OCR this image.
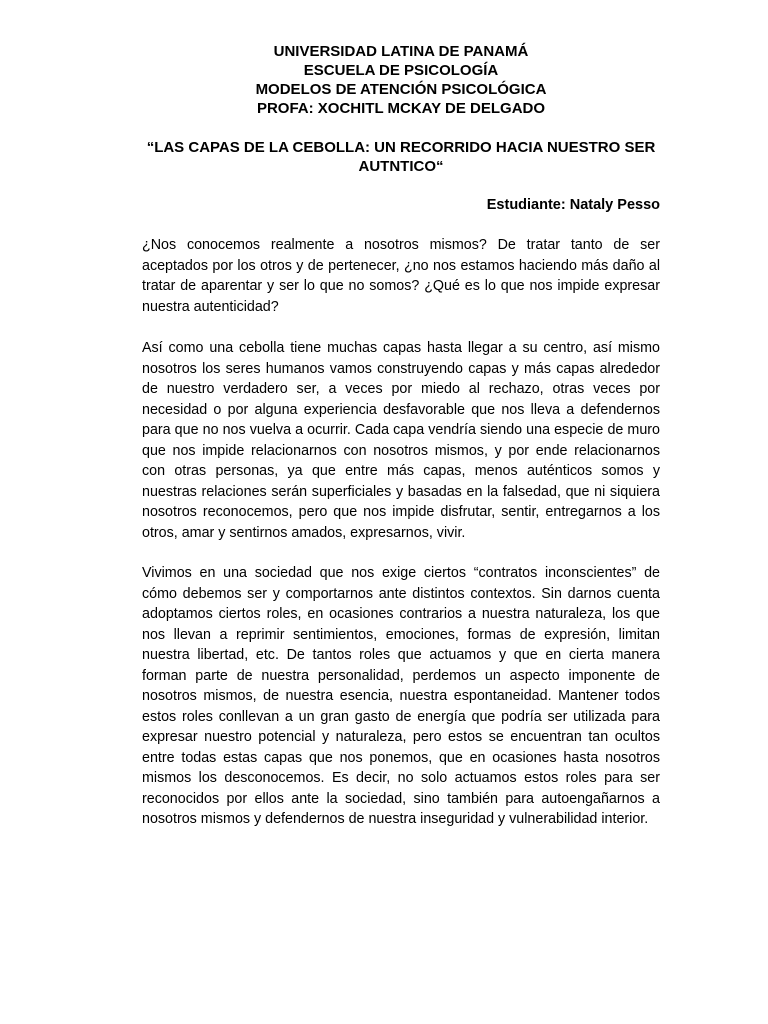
UNIVERSIDAD LATINA DE PANAMÁ
ESCUELA DE PSICOLOGÍA
MODELOS DE ATENCIÓN PSICOLÓGICA
PROFA: XOCHITL MCKAY DE DELGADO
“LAS CAPAS DE LA CEBOLLA: UN RECORRIDO HACIA NUESTRO SER AUTNTICO“
Estudiante: Nataly Pesso

¿Nos conocemos realmente a nosotros mismos? De tratar tanto de ser aceptados por los otros y de pertenecer, ¿no nos estamos haciendo más daño al tratar de aparentar y ser lo que no somos? ¿Qué es lo que nos impide expresar nuestra autenticidad?

Así como una cebolla tiene muchas capas hasta llegar a su centro, así mismo nosotros los seres humanos vamos construyendo capas y más capas alrededor de nuestro verdadero ser, a veces por miedo al rechazo, otras veces por necesidad o por alguna experiencia desfavorable que nos lleva a defendernos para que no nos vuelva a ocurrir. Cada capa vendría siendo una especie de muro que nos impide relacionarnos con nosotros mismos, y por ende relacionarnos con otras personas, ya que entre más capas, menos auténticos somos y nuestras relaciones serán superficiales y basadas en la falsedad, que ni siquiera nosotros reconocemos, pero que nos impide disfrutar, sentir, entregarnos a los otros, amar y sentirnos amados, expresarnos, vivir.

Vivimos en una sociedad que nos exige ciertos “contratos inconscientes” de cómo debemos ser y comportarnos ante distintos contextos. Sin darnos cuenta adoptamos ciertos roles, en ocasiones contrarios a nuestra naturaleza, los que nos llevan a reprimir sentimientos, emociones, formas de expresión, limitan nuestra libertad, etc. De tantos roles que actuamos y que en cierta manera forman parte de nuestra personalidad, perdemos un aspecto imponente de nosotros mismos, de nuestra esencia, nuestra espontaneidad. Mantener todos estos roles conllevan a un gran gasto de energía que podría ser utilizada para expresar nuestro potencial y naturaleza, pero estos se encuentran tan ocultos entre todas estas capas que nos ponemos, que en ocasiones hasta nosotros mismos los desconocemos. Es decir, no solo actuamos estos roles para ser reconocidos por ellos ante la sociedad, sino también para autoengañarnos a nosotros mismos y defendernos de nuestra inseguridad y vulnerabilidad interior.
